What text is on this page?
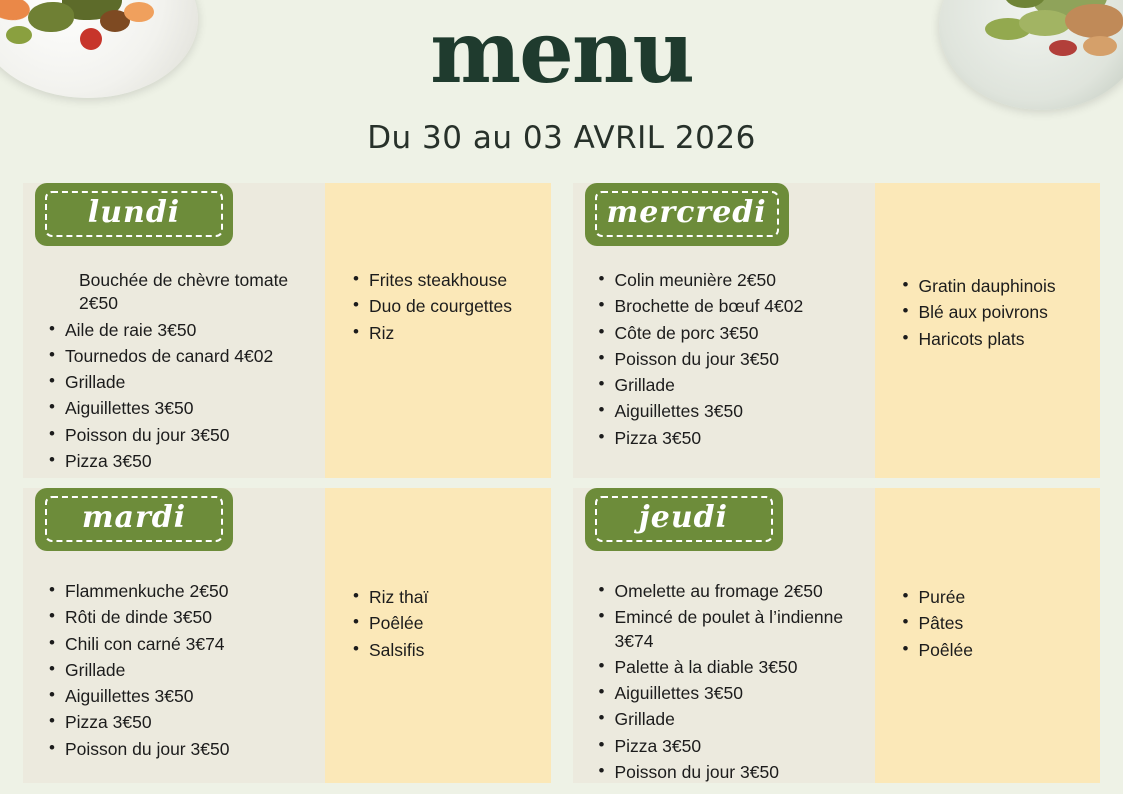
menu
Du 30 au 03 AVRIL 2026
lundi
Bouchée de chèvre tomate 2€50
• Aile de raie 3€50
• Tournedos de canard 4€02
• Grillade
• Aiguillettes 3€50
• Poisson du jour 3€50
• Pizza 3€50
• Frites steakhouse
• Duo de courgettes
• Riz
mercredi
• Colin meunière 2€50
• Brochette de bœuf 4€02
• Côte de porc 3€50
• Poisson du jour 3€50
• Grillade
• Aiguillettes 3€50
• Pizza 3€50
• Gratin dauphinois
• Blé aux poivrons
• Haricots plats
mardi
• Flammenkuche 2€50
• Rôti de dinde 3€50
• Chili con carné 3€74
• Grillade
• Aiguillettes 3€50
• Pizza 3€50
• Poisson du jour 3€50
• Riz thaï
• Poêlée
• Salsifis
jeudi
• Omelette au fromage 2€50
• Emincé de poulet à l’indienne 3€74
• Palette à la diable 3€50
• Aiguillettes 3€50
• Grillade
• Pizza 3€50
• Poisson du jour 3€50
• Purée
• Pâtes
• Poêlée
